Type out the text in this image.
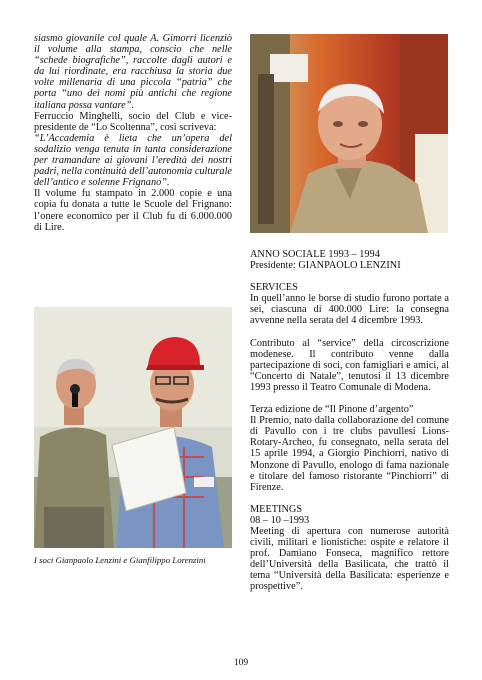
siasmo giovanile col quale A. Gimorri licenziò il volume alla stampa, conscio che nelle “schede biografiche”, raccolte dagli autori e da lui riordinate, era racchiusa la storia due volte millenaria di una piccola “patria” che porta “uno dei nomi più antichi che regione italiana possa vantare”.

Ferruccio Minghelli, socio del Club e vice-presidente de “Lo Scoltenna”, così scriveva:

“L’Accademia è lieta che un’opera del sodalizio venga tenuta in tanta considerazione per tramandare ai giovani l’eredità dei nostri padri, nella continuità dell’autonomia culturale dell’antico e solenne Frignano”.

Il volume fu stampato in 2.000 copie e una copia fu donata a tutte le Scuole del Frignano: l’onere economico per il Club fu di 6.000.000 di Lire.

I soci Gianpaolo Lenzini e Gianfilippo Lorenzini

ANNO SOCIALE 1993 – 1994

Presidente: GIANPAOLO LENZINI

SERVICES

In quell’anno le borse di studio furono portate a sei, ciascuna di 400.000 Lire: la consegna avvenne nella serata del 4 dicembre 1993.

Contributo al “service” della circoscrizione modenese. Il contributo venne dalla partecipazione di soci, con famigliari e amici, al “Concerto di Natale”, tenutosi il 13 dicembre 1993 presso il Teatro Comunale di Modena.

Terza edizione de “Il Pinone d’argento”

Il Premio, nato dalla collaborazione del comune di Pavullo con i tre clubs pavullesi Lions-Rotary-Archeo, fu consegnato, nella serata del 15 aprile 1994, a Giorgio Pinchiorri, nativo di Monzone di Pavullo, enologo di fama nazionale e titolare del famoso ristorante “Pinchiorri” di Firenze.

MEETINGS

08 – 10 –1993

Meeting di apertura con numerose autorità civili, militari e lionistiche: ospite e relatore il prof. Damiano Fonseca, magnifico rettore dell’Università della Basilicata, che trattò il tema “Università della Basilicata: esperienze e prospettive”.

109
